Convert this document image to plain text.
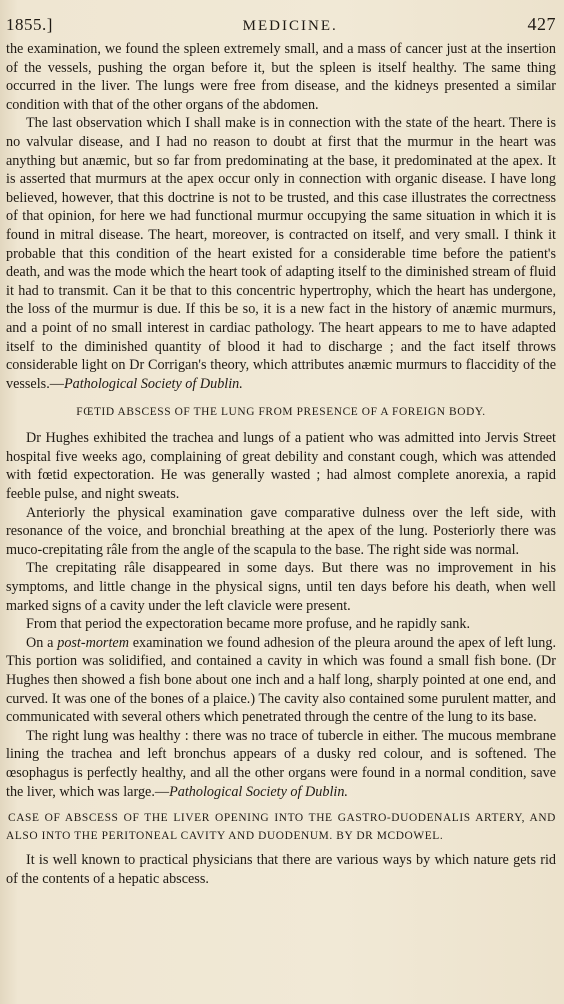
1855.]	MEDICINE.	427

the examination, we found the spleen extremely small, and a mass of cancer just at the insertion of the vessels, pushing the organ before it, but the spleen is itself healthy. The same thing occurred in the liver. The lungs were free from disease, and the kidneys presented a similar condition with that of the other organs of the abdomen.

The last observation which I shall make is in connection with the state of the heart. There is no valvular disease, and I had no reason to doubt at first that the murmur in the heart was anything but anæmic, but so far from predominating at the base, it predominated at the apex. It is asserted that murmurs at the apex occur only in connection with organic disease. I have long believed, however, that this doctrine is not to be trusted, and this case illustrates the correctness of that opinion, for here we had functional murmur occupying the same situation in which it is found in mitral disease. The heart, moreover, is contracted on itself, and very small. I think it probable that this condition of the heart existed for a considerable time before the patient's death, and was the mode which the heart took of adapting itself to the diminished stream of fluid it had to transmit. Can it be that to this concentric hypertrophy, which the heart has undergone, the loss of the murmur is due. If this be so, it is a new fact in the history of anæmic murmurs, and a point of no small interest in cardiac pathology. The heart appears to me to have adapted itself to the diminished quantity of blood it had to discharge ; and the fact itself throws considerable light on Dr Corrigan's theory, which attributes anæmic murmurs to flaccidity of the vessels.—Pathological Society of Dublin.

FŒTID ABSCESS OF THE LUNG FROM PRESENCE OF A FOREIGN BODY.

Dr Hughes exhibited the trachea and lungs of a patient who was admitted into Jervis Street hospital five weeks ago, complaining of great debility and constant cough, which was attended with fœtid expectoration. He was generally wasted ; had almost complete anorexia, a rapid feeble pulse, and night sweats.

Anteriorly the physical examination gave comparative dulness over the left side, with resonance of the voice, and bronchial breathing at the apex of the lung. Posteriorly there was muco-crepitating râle from the angle of the scapula to the base. The right side was normal.

The crepitating râle disappeared in some days. But there was no improvement in his symptoms, and little change in the physical signs, until ten days before his death, when well marked signs of a cavity under the left clavicle were present.

From that period the expectoration became more profuse, and he rapidly sank.

On a post-mortem examination we found adhesion of the pleura around the apex of left lung. This portion was solidified, and contained a cavity in which was found a small fish bone. (Dr Hughes then showed a fish bone about one inch and a half long, sharply pointed at one end, and curved. It was one of the bones of a plaice.) The cavity also contained some purulent matter, and communicated with several others which penetrated through the centre of the lung to its base.

The right lung was healthy : there was no trace of tubercle in either. The mucous membrane lining the trachea and left bronchus appears of a dusky red colour, and is softened. The œsophagus is perfectly healthy, and all the other organs were found in a normal condition, save the liver, which was large.—Pathological Society of Dublin.

CASE OF ABSCESS OF THE LIVER OPENING INTO THE GASTRO-DUODENALIS ARTERY, AND ALSO INTO THE PERITONEAL CAVITY AND DUODENUM. BY DR MCDOWEL.

It is well known to practical physicians that there are various ways by which nature gets rid of the contents of a hepatic abscess.
